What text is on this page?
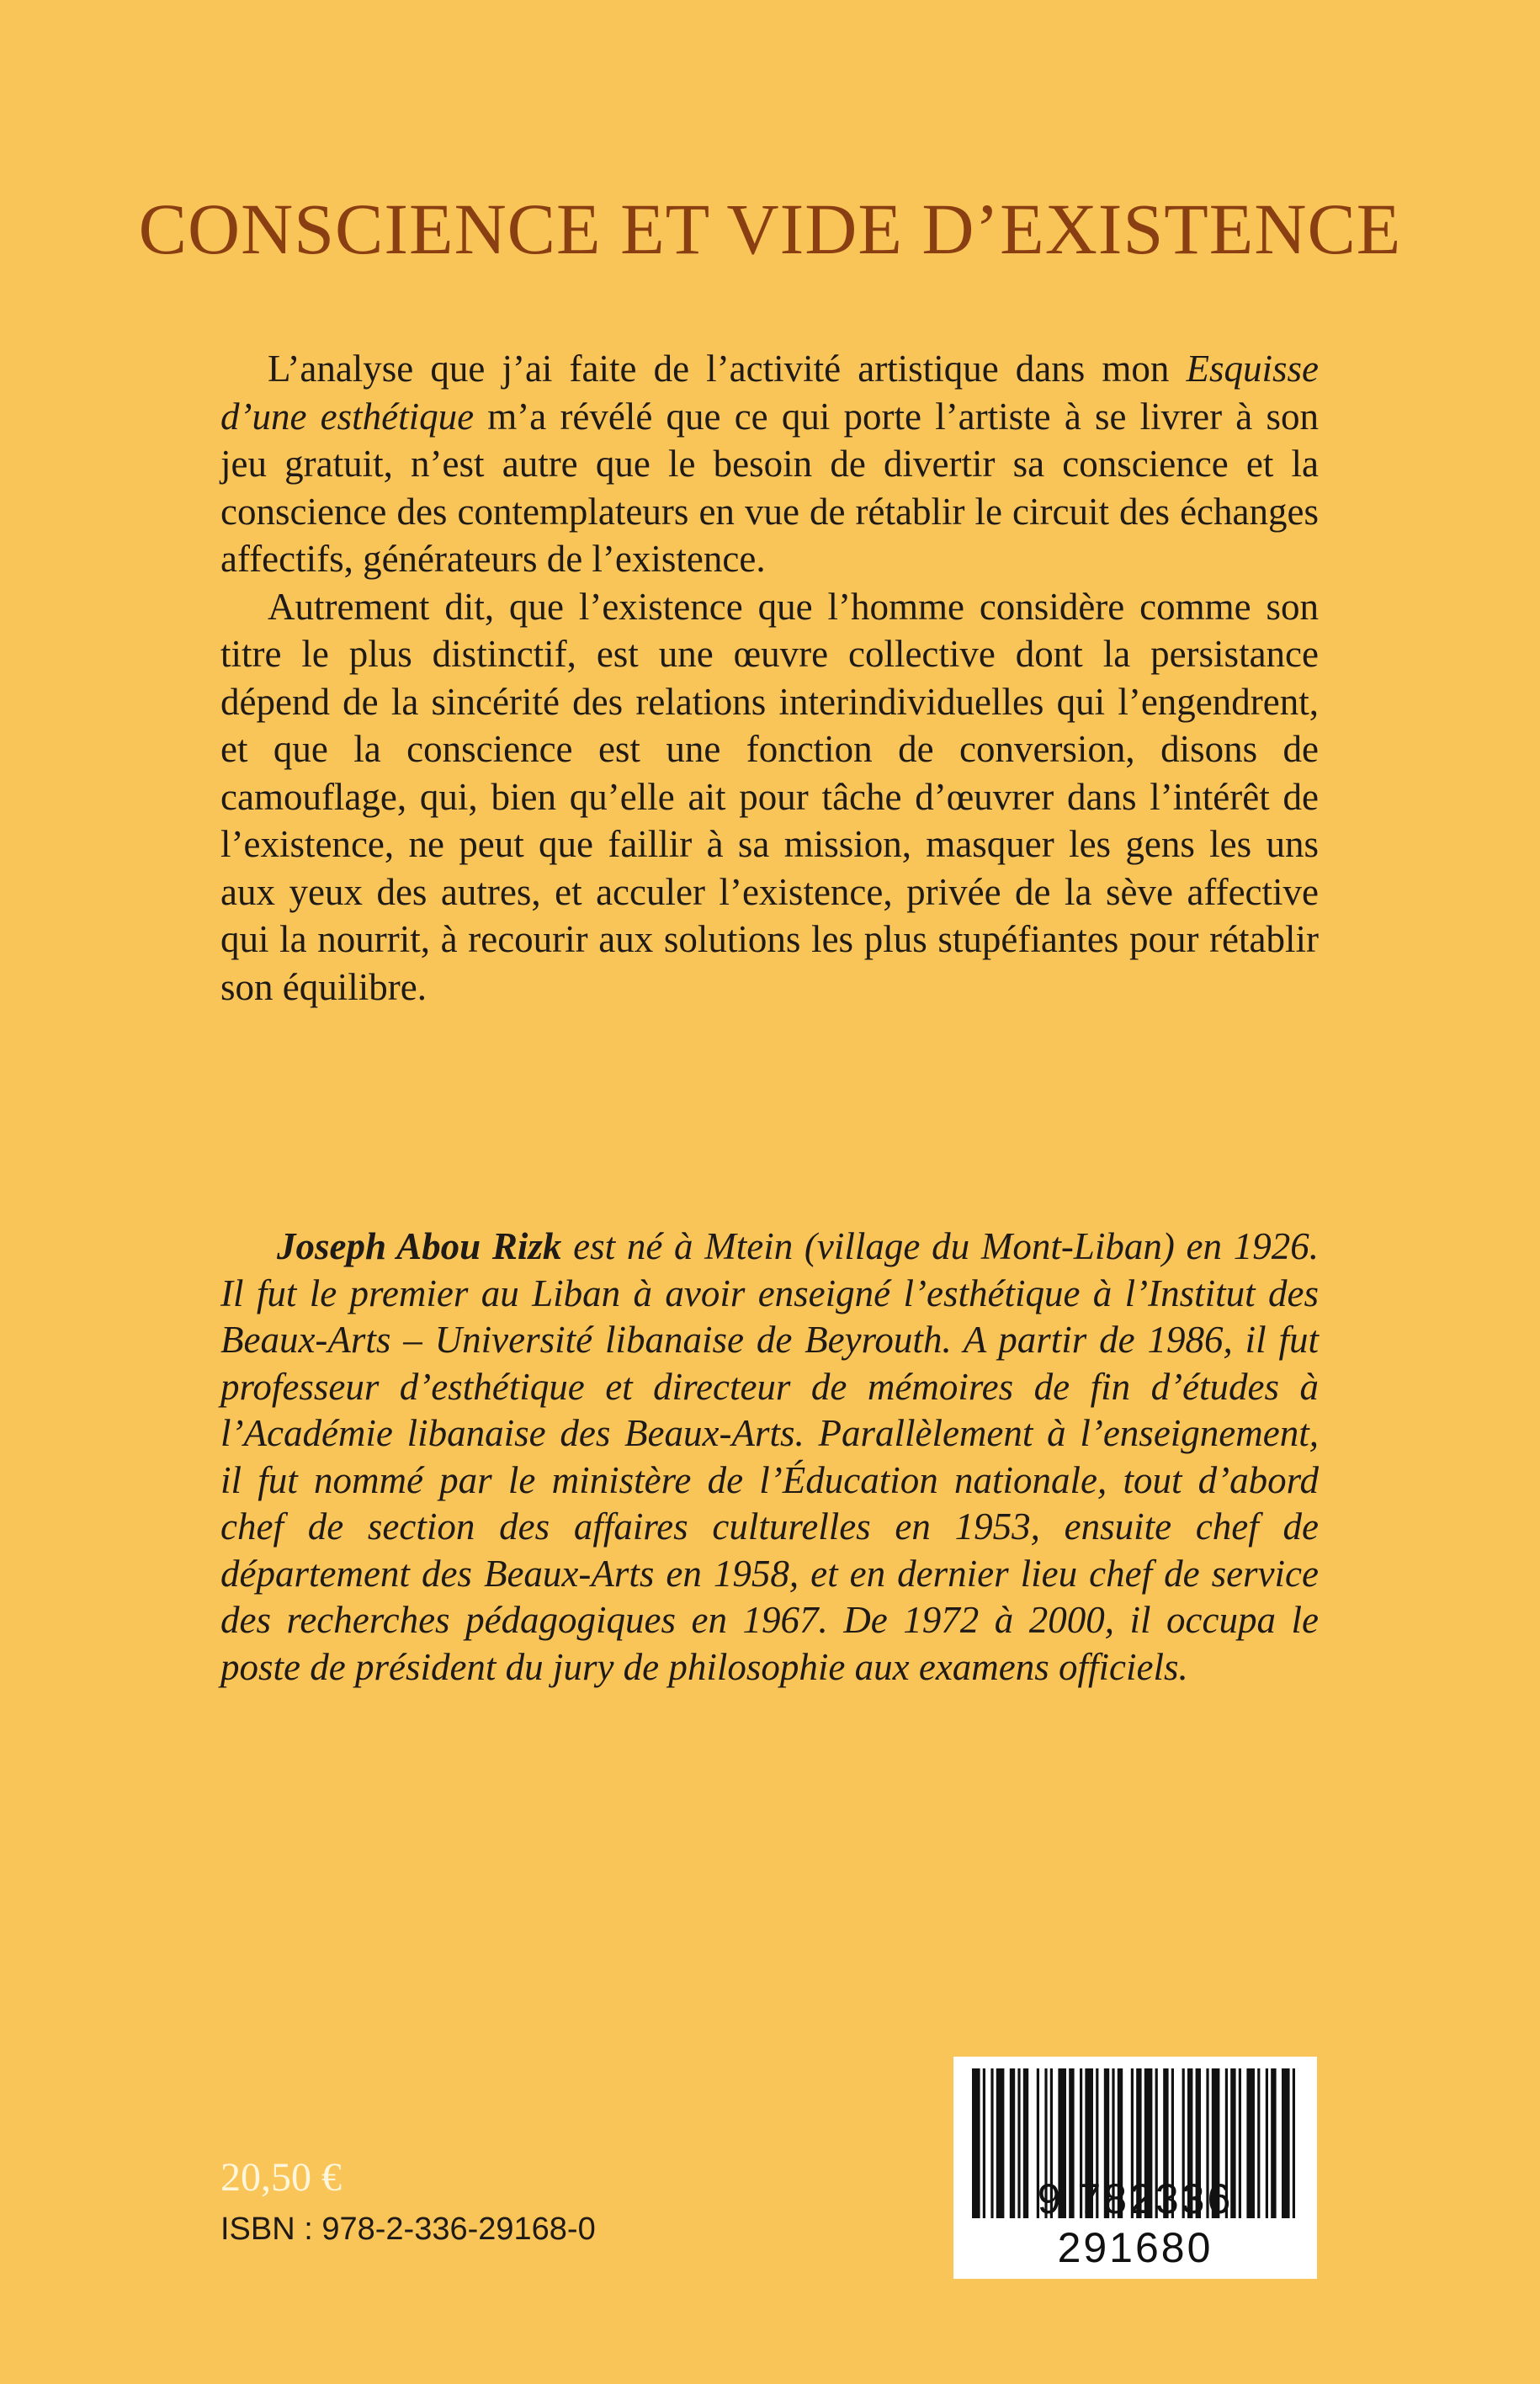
CONSCIENCE ET VIDE D’EXISTENCE

L’analyse que j’ai faite de l’activité artistique dans mon Esquisse d’une esthétique m’a révélé que ce qui porte l’artiste à se livrer à son jeu gratuit, n’est autre que le besoin de divertir sa conscience et la conscience des contemplateurs en vue de rétablir le circuit des échanges affectifs, générateurs de l’existence.

Autrement dit, que l’existence que l’homme considère comme son titre le plus distinctif, est une œuvre collective dont la persistance dépend de la sincérité des relations interindividuelles qui l’engendrent, et que la conscience est une fonction de conversion, disons de camouflage, qui, bien qu’elle ait pour tâche d’œuvrer dans l’intérêt de l’existence, ne peut que faillir à sa mission, masquer les gens les uns aux yeux des autres, et acculer l’existence, privée de la sève affective qui la nourrit, à recourir aux solutions les plus stupéfiantes pour rétablir son équilibre.

Joseph Abou Rizk est né à Mtein (village du Mont-Liban) en 1926. Il fut le premier au Liban à avoir enseigné l’esthétique à l’Institut des Beaux-Arts – Université libanaise de Beyrouth. A partir de 1986, il fut professeur d’esthétique et directeur de mémoires de fin d’études à l’Académie libanaise des Beaux-Arts. Parallèlement à l’enseignement, il fut nommé par le ministère de l’Éducation nationale, tout d’abord chef de section des affaires culturelles en 1953, ensuite chef de département des Beaux-Arts en 1958, et en dernier lieu chef de service des recherches pédagogiques en 1967. De 1972 à 2000, il occupa le poste de président du jury de philosophie aux examens officiels.

20,50 €
ISBN : 978-2-336-29168-0
9 782336 291680
